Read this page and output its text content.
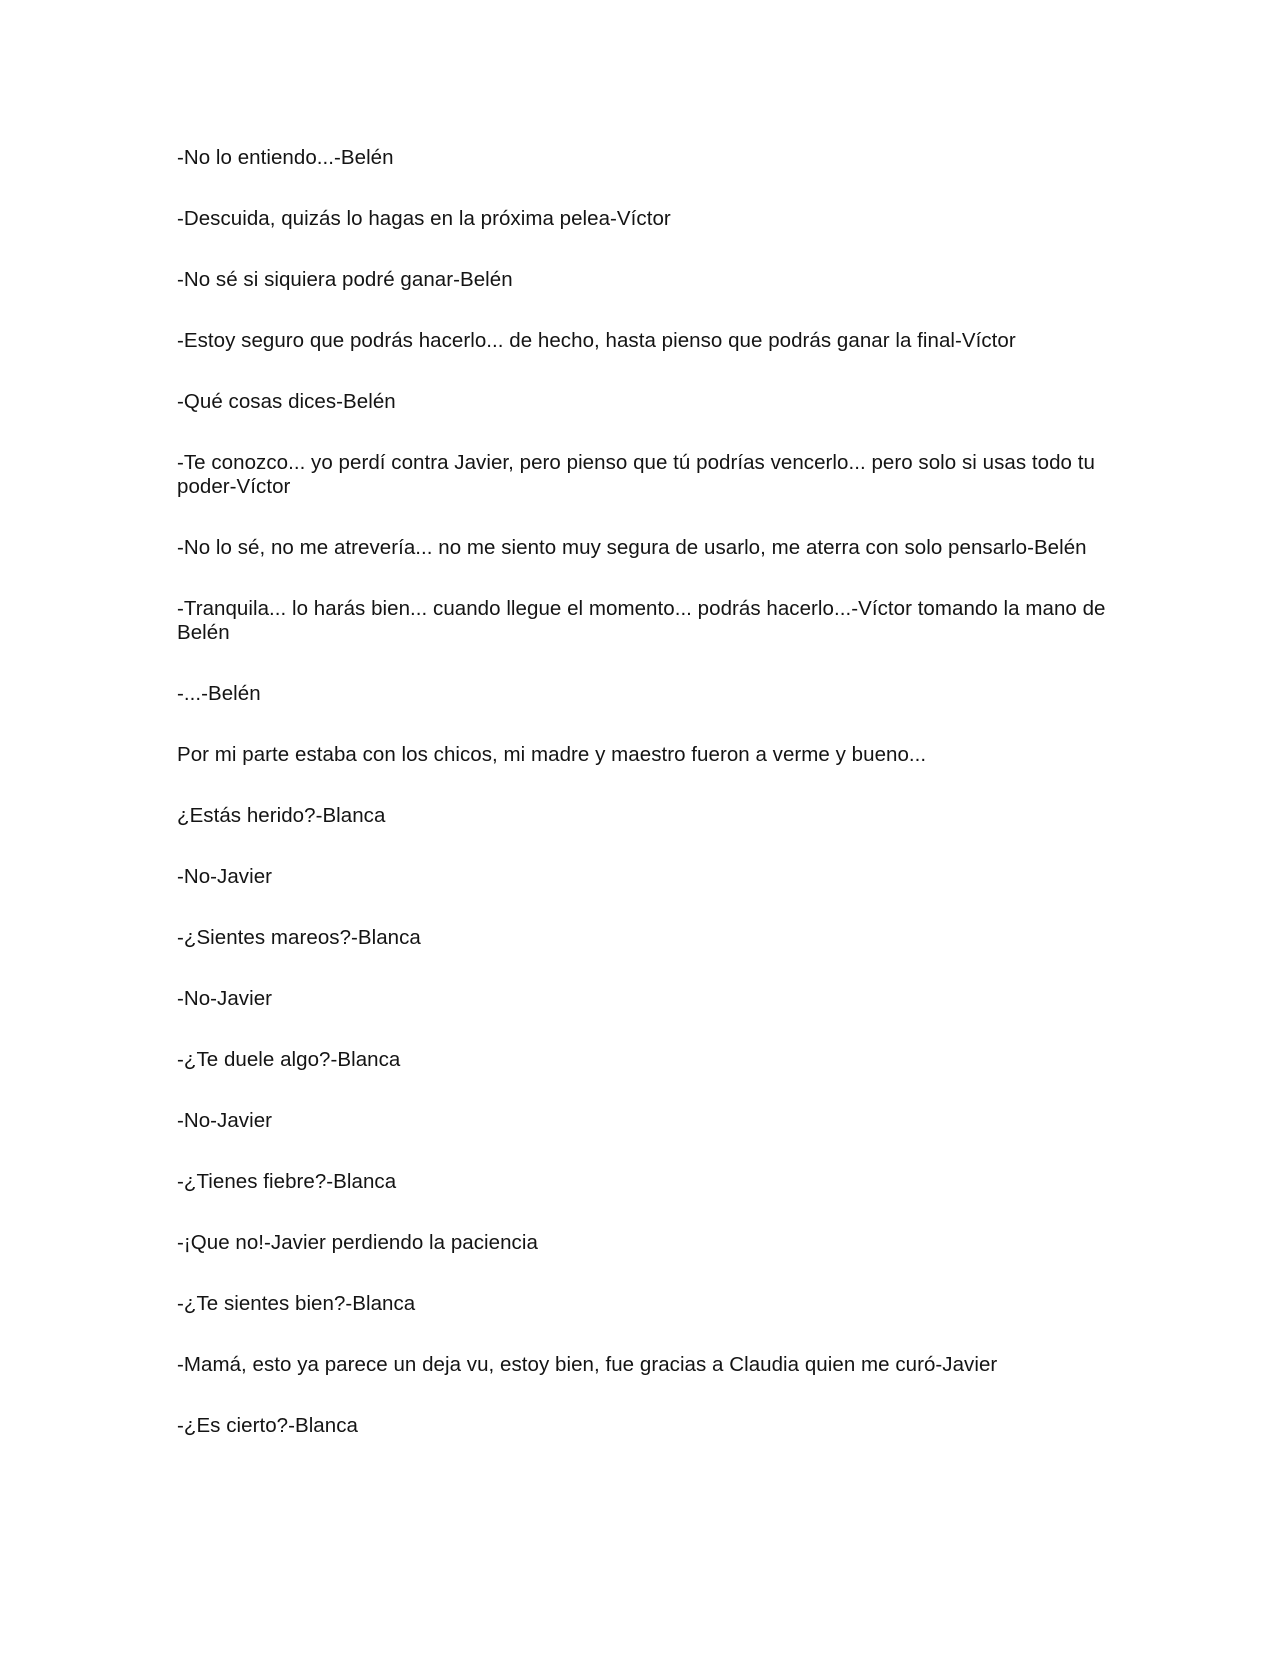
-No lo entiendo...-Belén

-Descuida, quizás lo hagas en la próxima pelea-Víctor

-No sé si siquiera podré ganar-Belén

-Estoy seguro que podrás hacerlo... de hecho, hasta pienso que podrás ganar la final-Víctor

-Qué cosas dices-Belén

-Te conozco... yo perdí contra Javier, pero pienso que tú podrías vencerlo... pero solo si usas todo tu poder-Víctor

-No lo sé, no me atrevería... no me siento muy segura de usarlo, me aterra con solo pensarlo-Belén

-Tranquila... lo harás bien... cuando llegue el momento... podrás hacerlo...-Víctor tomando la mano de Belén

-...-Belén

Por mi parte estaba con los chicos, mi madre y maestro fueron a verme y bueno...

¿Estás herido?-Blanca

-No-Javier

-¿Sientes mareos?-Blanca

-No-Javier

-¿Te duele algo?-Blanca

-No-Javier

-¿Tienes fiebre?-Blanca

-¡Que no!-Javier perdiendo la paciencia

-¿Te sientes bien?-Blanca

-Mamá, esto ya parece un deja vu, estoy bien, fue gracias a Claudia quien me curó-Javier

-¿Es cierto?-Blanca
